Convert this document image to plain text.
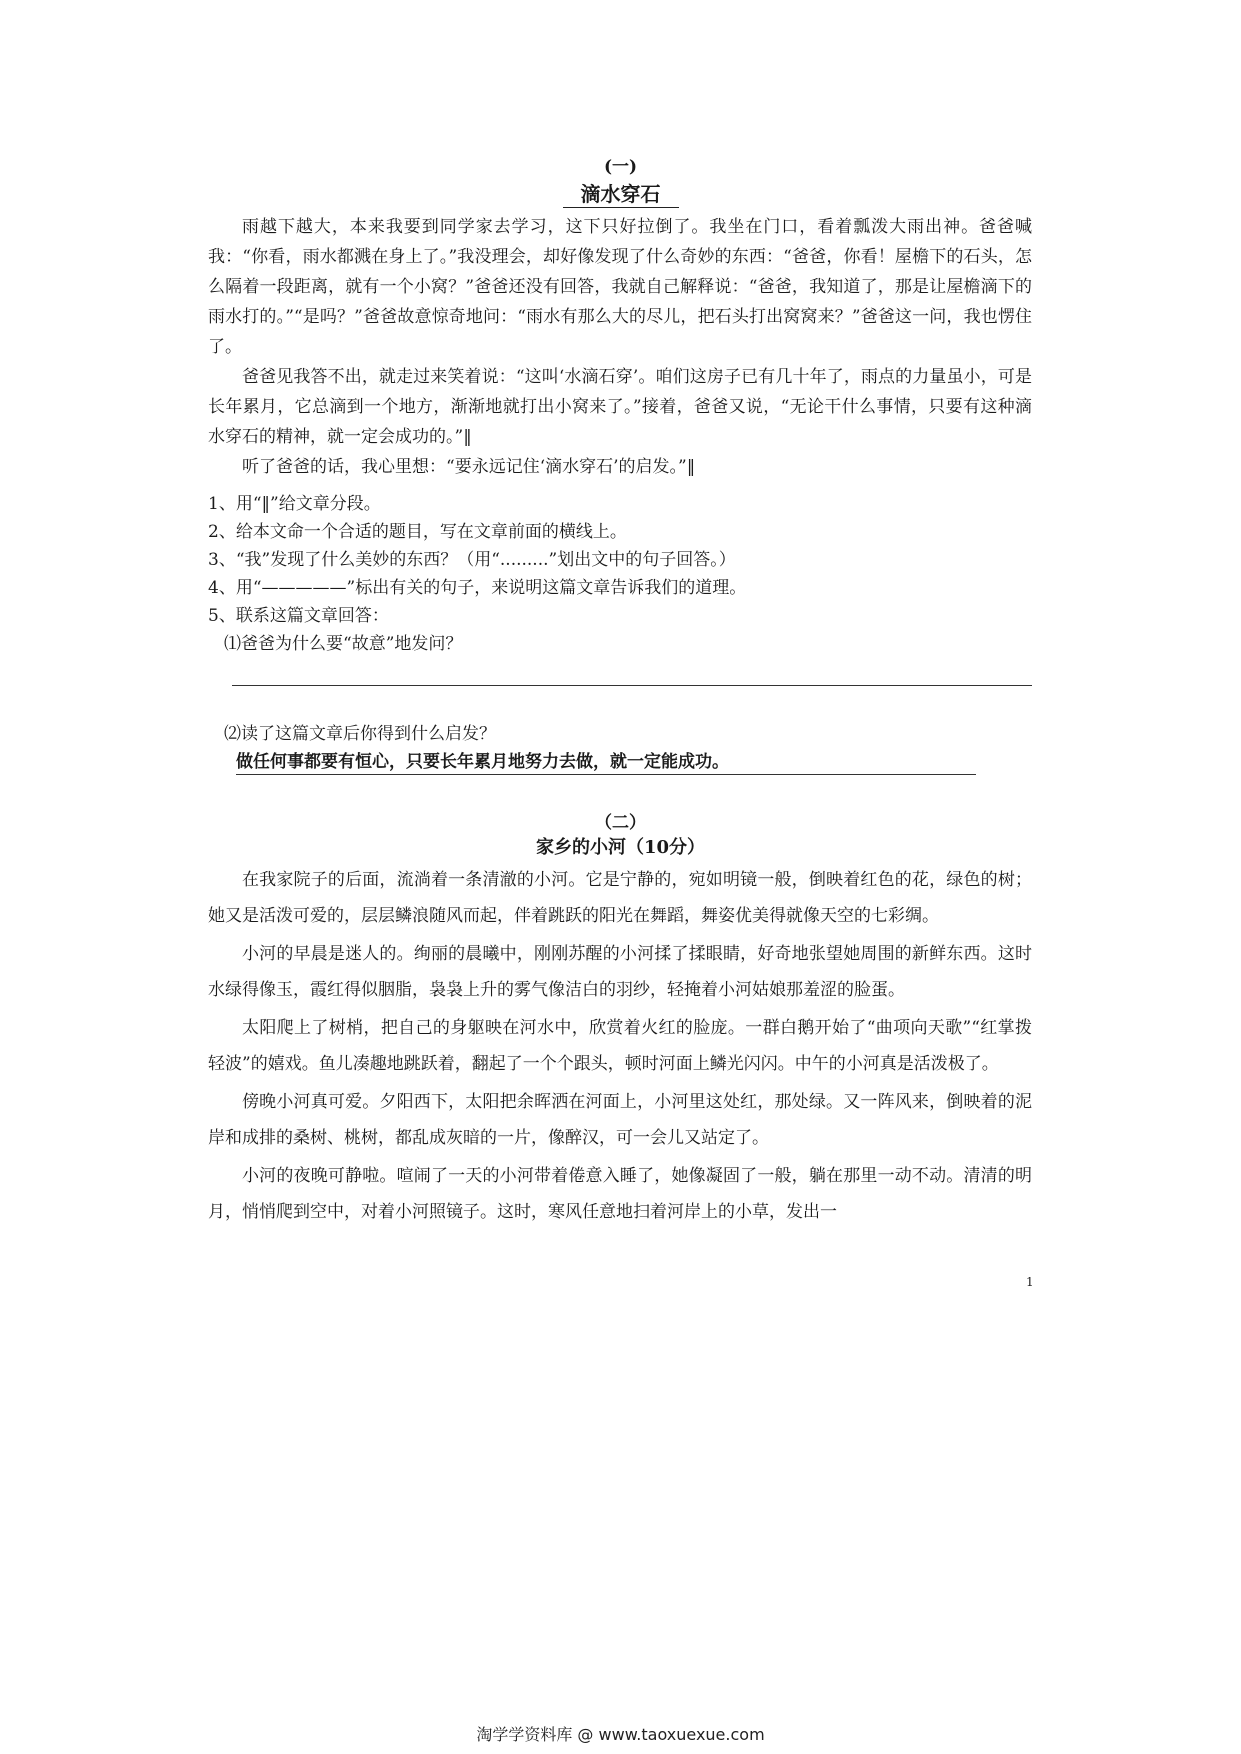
(一)
滴水穿石

雨越下越大，本来我要到同学家去学习，这下只好拉倒了。我坐在门口，看着瓢泼大雨出神。爸爸喊我：“你看，雨水都溅在身上了。”我没理会，却好像发现了什么奇妙的东西：“爸爸，你看！屋檐下的石头，怎么隔着一段距离，就有一个小窝？”爸爸还没有回答，我就自己解释说：“爸爸，我知道了，那是让屋檐滴下的雨水打的。”“是吗？”爸爸故意惊奇地问：“雨水有那么大的尽儿，把石头打出窝窝来？”爸爸这一问，我也愣住了。

爸爸见我答不出，就走过来笑着说：“这叫‘水滴石穿’。咱们这房子已有几十年了，雨点的力量虽小，可是长年累月，它总滴到一个地方，渐渐地就打出小窝来了。”接着，爸爸又说，“无论干什么事情，只要有这种滴水穿石的精神，就一定会成功的。”‖

听了爸爸的话，我心里想：“要永远记住‘滴水穿石’的启发。”‖

1、用“‖”给文章分段。
2、给本文命一个合适的题目，写在文章前面的横线上。
3、“我”发现了什么美妙的东西？（用“.........”划出文中的句子回答。）
4、用“—————”标出有关的句子，来说明这篇文章告诉我们的道理。
5、联系这篇文章回答：
⑴爸爸为什么要“故意”地发问？
⑵读了这篇文章后你得到什么启发？
做任何事都要有恒心，只要长年累月地努力去做，就一定能成功。
（二）
家乡的小河（10分）

在我家院子的后面，流淌着一条清澈的小河。它是宁静的，宛如明镜一般，倒映着红色的花，绿色的树；她又是活泼可爱的，层层鳞浪随风而起，伴着跳跃的阳光在舞蹈，舞姿优美得就像天空的七彩绸。

小河的早晨是迷人的。绚丽的晨曦中，刚刚苏醒的小河揉了揉眼睛，好奇地张望她周围的新鲜东西。这时水绿得像玉，霞红得似胭脂，袅袅上升的雾气像洁白的羽纱，轻掩着小河姑娘那羞涩的脸蛋。

太阳爬上了树梢，把自己的身躯映在河水中，欣赏着火红的脸庞。一群白鹅开始了“曲项向天歌”“红掌拨轻波”的嬉戏。鱼儿凑趣地跳跃着，翻起了一个个跟头，顿时河面上鳞光闪闪。中午的小河真是活泼极了。

傍晚小河真可爱。夕阳西下，太阳把余晖洒在河面上，小河里这处红，那处绿。又一阵风来，倒映着的泥岸和成排的桑树、桃树，都乱成灰暗的一片，像醉汉，可一会儿又站定了。

小河的夜晚可静啦。喧闹了一天的小河带着倦意入睡了，她像凝固了一般，躺在那里一动不动。清清的明月，悄悄爬到空中，对着小河照镜子。这时，寒风任意地扫着河岸上的小草，发出一

1
淘学学资料库 @ www.taoxuexue.com
